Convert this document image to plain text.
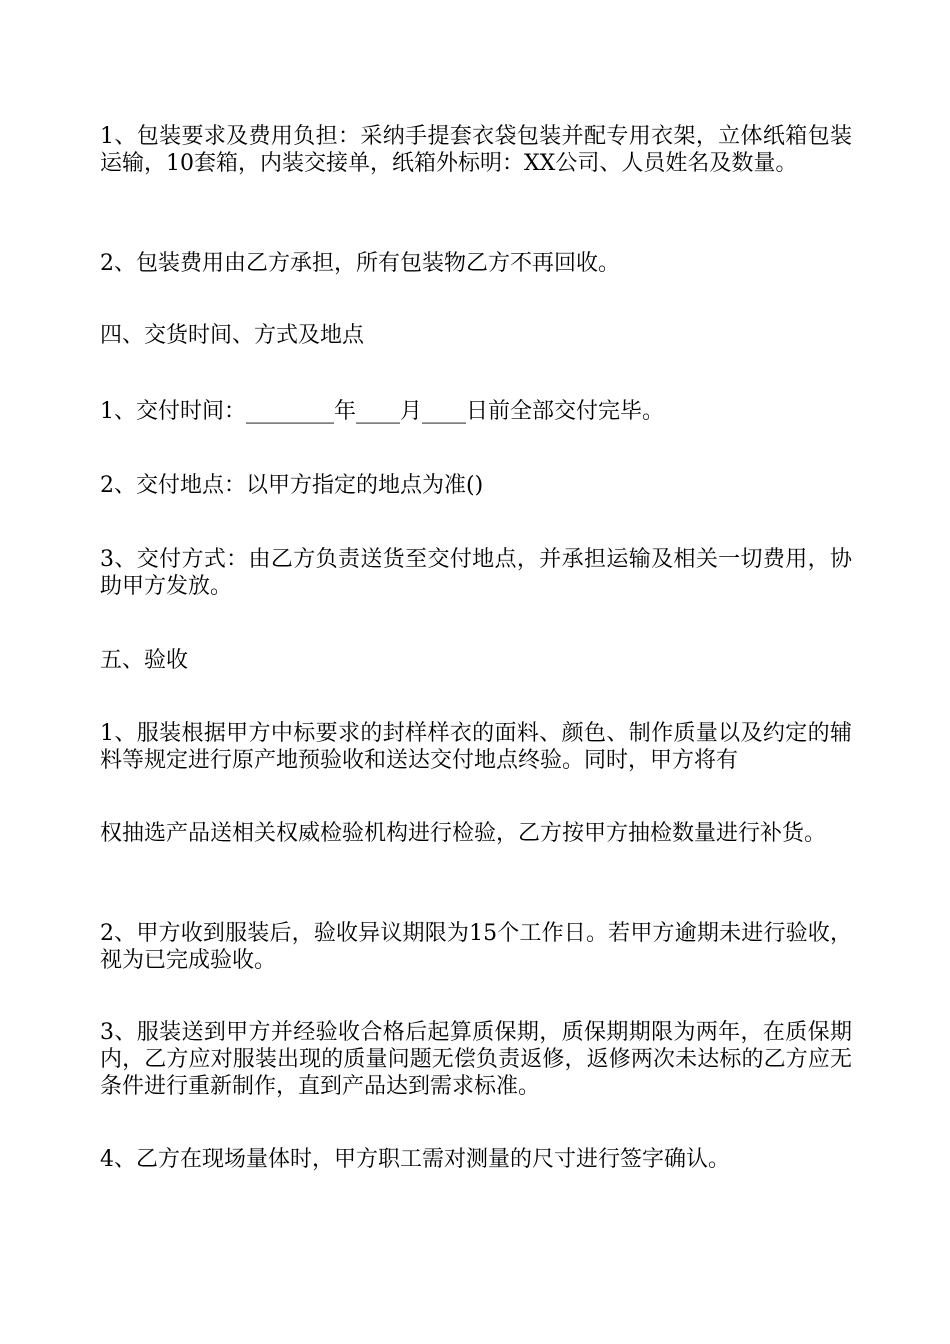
1、包装要求及费用负担：采纳手提套衣袋包装并配专用衣架，立体纸箱包装运输，10套箱，内装交接单，纸箱外标明：XX公司、人员姓名及数量。

2、包装费用由乙方承担，所有包装物乙方不再回收。

四、交货时间、方式及地点

1、交付时间：________年____月____日前全部交付完毕。

2、交付地点：以甲方指定的地点为准()

3、交付方式：由乙方负责送货至交付地点，并承担运输及相关一切费用，协助甲方发放。

五、验收

1、服装根据甲方中标要求的封样样衣的面料、颜色、制作质量以及约定的辅料等规定进行原产地预验收和送达交付地点终验。同时，甲方将有

权抽选产品送相关权威检验机构进行检验，乙方按甲方抽检数量进行补货。

2、甲方收到服装后，验收异议期限为15个工作日。若甲方逾期未进行验收，视为已完成验收。

3、服装送到甲方并经验收合格后起算质保期，质保期期限为两年，在质保期内，乙方应对服装出现的质量问题无偿负责返修，返修两次未达标的乙方应无条件进行重新制作，直到产品达到需求标准。

4、乙方在现场量体时，甲方职工需对测量的尺寸进行签字确认。
